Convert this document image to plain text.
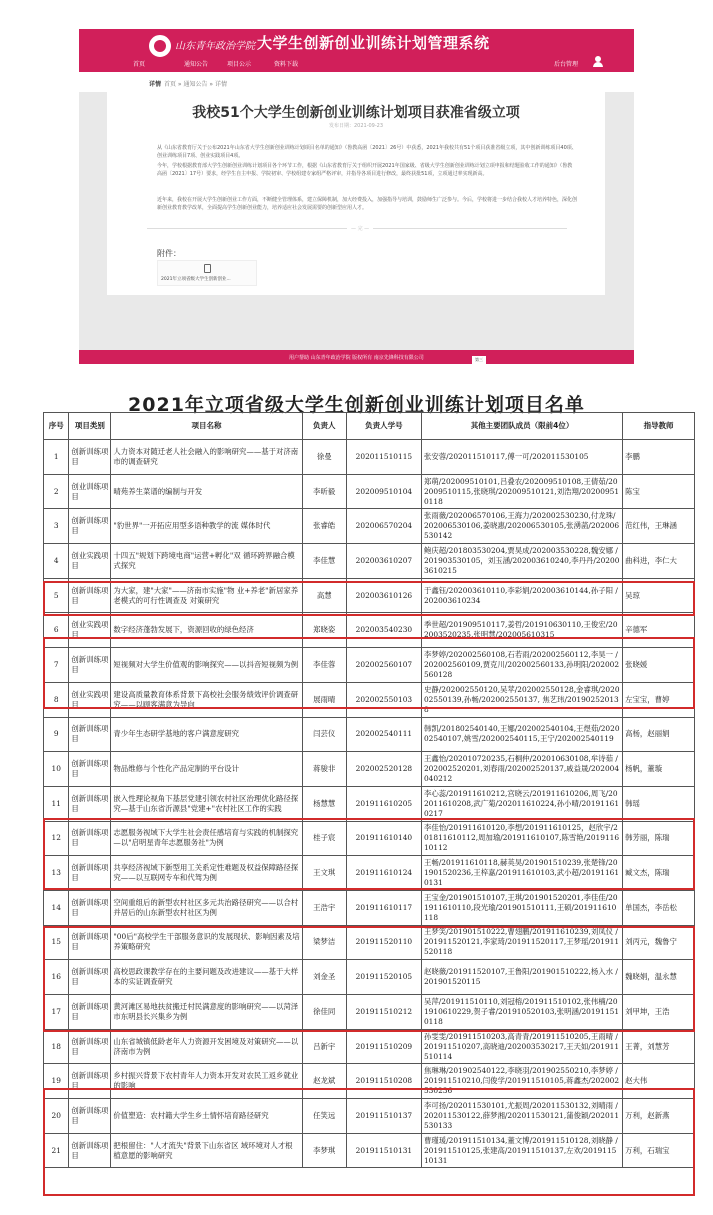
山东青年政治学院 大学生创新创业训练计划管理系统
首页	通知公告	项目公示	资料下载	后台管理
详情 首页 » 通知公告 » 详情
我校51个大学生创新创业训练计划项目获准省级立项
发布日期：2021-09-23
从《山东省教育厅关于公布2021年山东省大学生创新创业训练计划项目名单的通知》（鲁教高函〔2021〕26号）中获悉，2021年我校共有51个项目获准省级立项，其中创新训练项目40项、创业训练项目7项、创业实践项目4项。
今年，学校根据教育部大学生创新创业训练计划项目各个环节工作，根据《山东省教育厅关于组织开展2021年国家级、省级大学生创新创业训练计划立项申报和结题验收工作的通知》（鲁教高函〔2021〕17号）要求，经学生自主申报、学院初审、学校组建专家组严格评审，并指导各项目进行修改，最终获批51项，立项通过率实现新高。
近年来，我校在开展大学生创新创业工作方面，不断健全管理体系，建立保障机制，加大经费投入，加强指导与培训，鼓励师生广泛参与。今后，学校将进一步结合我校人才培养特色，深化创新创业教育教学改革，全面提高学生创新创业能力，培养适应社会发展需要的创新型应用人才。
— 完 —
附件：
2021年立项省级大学生创新创业...
用户帮助 山东青年政治学院 版权所有 南京先锋科技有限公司	第三
2021年立项省级大学生创新创业训练计划项目名单
序号	项目类别	项目名称	负责人	负责人学号	其他主要团队成员（限前4位）	指导教师

1	创新训练项目	人力资本对随迁老人社会融入的影响研究——基于对济南市的调查研究	徐曼	202011510115	张安蓉/202011510117,傅一可/202011530105	李鹏

2	创业训练项目	晴苑养生菜谱的编制与开发	李昕毅	202009510104	郑萌/202009510101,吕叠农/202009510108,王倩茹/202009510115,张晓琪/202009510121,刘浩翔/202009510118	陈宝

3	创新训练项目	"豹世界"一开拓应用型多语种教学的流 媒体时代	张睿皓	202006570204	张雨薇/202006570106,王海力/202002530230,付龙珠/202006530106,姜晓惠/202006530105,张湧菡/202006530142	范红伟，王琳涵

4	创业实践项目	十四五"规划下跨境电商"运营+孵化"双 循环跨界融合模式探究	李佳慧	202003610207	鲍庆超/201803530204,贾昊成/202003530228,魏安娜 /201903530105，刘玉涵/202003610240,李丹丹/202003610215	曲科进，李仁大

5	创新训练项目	为大家，建"大家"——济南市实施"物 业+养老"新居家养老模式的可行性调查及 对策研究	高慧	202003610126	于鑫钰/202003610110,李彩娟/202003610144,孙子阳 /202003610234	吴琼

6	创业实践项目	数字经济蓬勃发展下，资源回收的绿色经济	郑晓姿	202003540230	季世超/201909510117,姜哲/201910630110,王俊宏/202003520235,张明慧/202005610315	辛德军

7	创新训练项目	短视频对大学生价值观的影响探究——以抖音短视频为例	李佳蓉	202002560107	李梦婷/202002560108,石若雨/202002560112,李昊一 /202002560109,贾克川/202002560133,孙明阳/202002560128	张晓媛

8	创业实践项目	建设高质量教育体系背景下高校社会服务绩效评价调查研究——以顾客满意为导向	展雨晴	202002550103	史静/202002550120,吴苹/202002550128,金睿琪/202002550139,孙畅/202002550137, 焦艺玮/201902520138	左宝宝，曹婷

9	创新训练项目	青少年生态研学基地的客户满意度研究	闫芸仪	202002540111	韩凯/201802540140,王娜/202002540104,王煜茹/202002540107,姚雪/202002540115,王宁/202002540119	高杨，赵丽娟

10	创新训练项目	物品维修与个性化产品定制的平台设计	蒋骏非	202002520128	王鑫怡/202010720235,石桐仲/202010630108,牟诗茹 /202002520201,刘春雨/202002520137,戚益晟/202004040212	杨帆，董璇

11	创新训练项目	嵌入性理论视角下基层党建引领农村社区治理优化路径探究—基于山东省沂源县"党建+"农村社区工作的实践	杨慧慧	201911610205	李心蕊/201911610212,宫晓云/201911610206,周飞/202011610208,武广菊/202011610224,孙小晴/201911610217	韩瑶

12	创新训练项目	志愿服务视域下大学生社会责任感培育与实践的机制探究—以"启明星青年志愿服务社"为例	桂子宸	201911610140	李佳怡/201911610120,李想/201911610125，赵欣宇/201811610112,周加瑜/201911610107,陈雪艳/201911610112	韩芳丽，陈瑞

13	创新训练项目	共享经济视域下新型用工关系定性难题及权益保障路径探究——以互联网专车和代驾为例	王文琪	201911610124	王畅/201911610118,赫英昊/201901510239,张楚锋/201901520236,王梓嘉/201911610103,武小超/201911610131	臧文杰，陈瑞

14	创新训练项目	空间重组后的新型农村社区多元共治路径研究——以合村并居后的山东新型农村社区为例	王浩宇	201911610117	王宝金/201901510107,王琪/201901520201,李佳佳/201911610110,段光瑜/201901510111,王硕/201911610118	单国杰，李岳松

15	创新训练项目	"00后"高校学生干部服务意识的发展现状、影响因素及培养策略研究	梁梦洁	201911520110	王梦笑/201901510222,曹翅鹏/201911610239,刘凤仪 /201911520121,李家琦/201911520117,王梦瑶/201911520118	刘丙元，魏鲁宁

16	创新训练项目	高校思政课教学存在的主要问题及改进建议——基于大样本的实证调查研究	刘金圣	201911520105	赵晓薇/201911520107,王鲁阳/201901510222,杨入水 /201901520115	魏晓娟，温永慧

17	创新训练项目	黄河滩区易地扶贫搬迁村民满意度的影响研究——以菏泽市东明县长兴集乡为例	徐佳同	201911510212	吴萍/201911510110,刘冠榕/201911510102,张伟楠/201910610229,贺子睿/201910520103,张明涵/201911510118	刘甲坤，王浩

18	创新训练项目	山东省城镇低龄老年人力资源开发困境及对策研究——以济南市为例	吕新宇	201911510209	孙雯雯/201911510203,高青青/201911510205,王雨晴 /201911510207,高晓迪/202003530217,王天如/201911510114	王菁，刘慧芳

19	创新训练项目	乡村振兴背景下农村青年人力资本开发对农民工返乡就业的影响	赵龙斌	201911510208	焦琳琳/201902540122,李晓羽/201902550210,李梦婷 /201911510210,闫俊学/201911510105,蒋鑫杰/202002530236	赵大伟

20	创新训练项目	价值塑造：农村籍大学生乡土情怀培育路径研究	任笑远	201911510137	李可扬/202011530101,尤振周/202011530132,刘晴雨 /202011530122,薛梦湘/202011530121,蒲俊颖/202011530133	万利，赵新燕

21	创新训练项目	把根留住："人才流失"背景下山东省区 域环境对人才根植意愿的影响研究	李梦琪	201911510131	曹瑾瑗/201911510134,董文博/201911510128,刘晓静 /201911510125,张建高/201911510137,左欢/201911510131	万利，石瑞宝
